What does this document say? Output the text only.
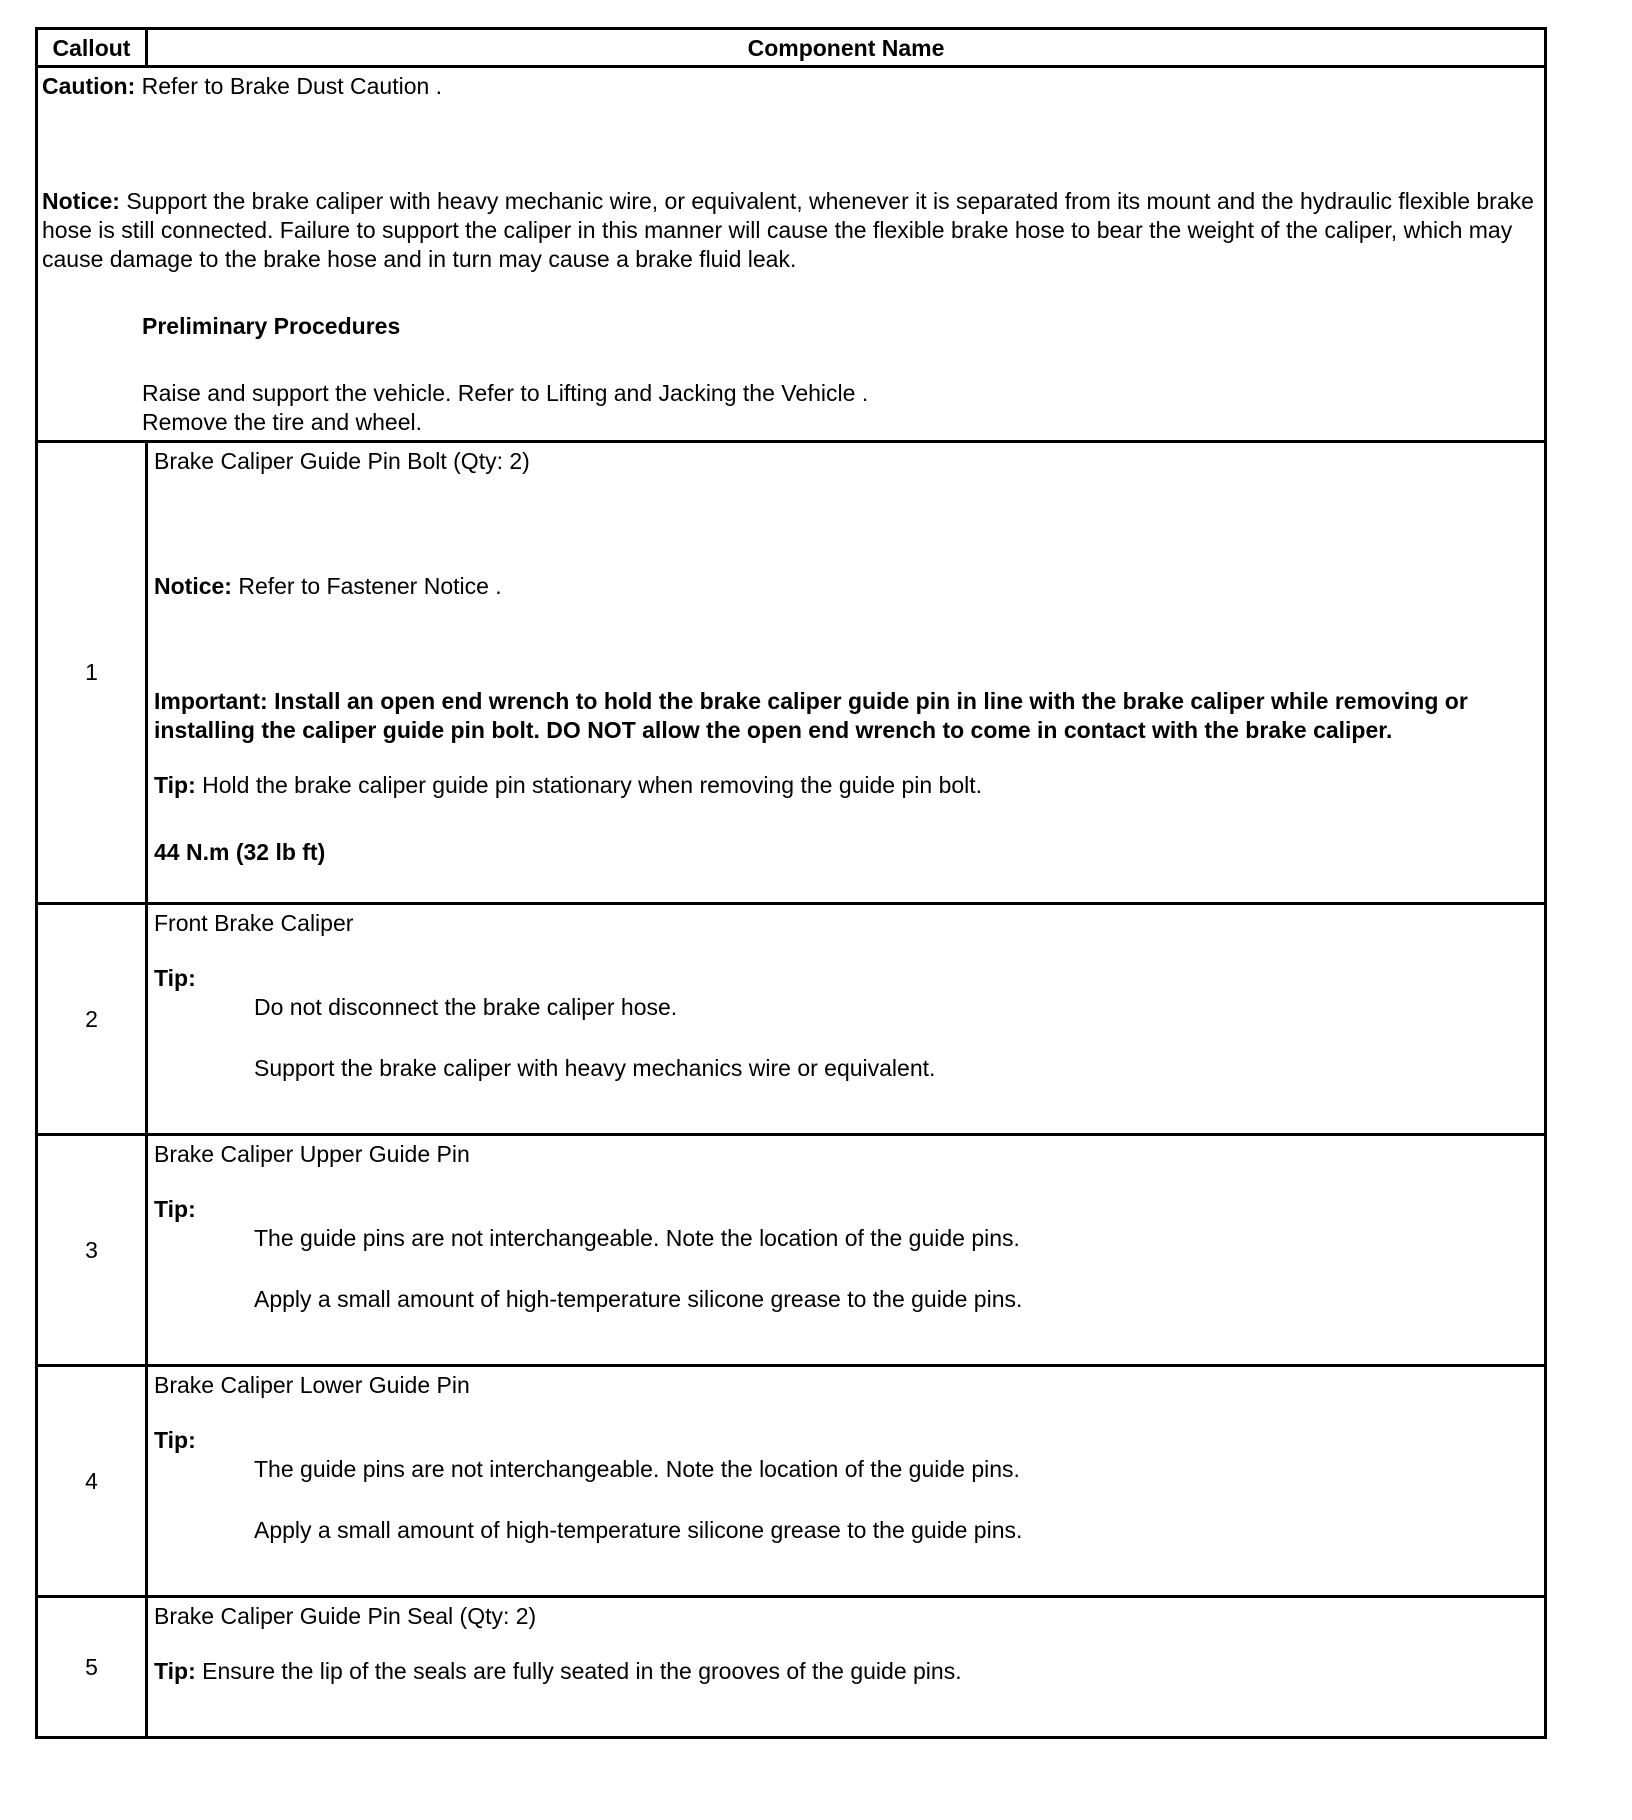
Callout	Component Name

Caution: Refer to Brake Dust Caution .

Notice: Support the brake caliper with heavy mechanic wire, or equivalent, whenever it is separated from its mount and the hydraulic flexible brake hose is still connected. Failure to support the caliper in this manner will cause the flexible brake hose to bear the weight of the caliper, which may cause damage to the brake hose and in turn may cause a brake fluid leak.

Preliminary Procedures

Raise and support the vehicle. Refer to Lifting and Jacking the Vehicle .

Remove the tire and wheel.

1

Brake Caliper Guide Pin Bolt (Qty: 2)

Notice: Refer to Fastener Notice .

Important: Install an open end wrench to hold the brake caliper guide pin in line with the brake caliper while removing or installing the caliper guide pin bolt. DO NOT allow the open end wrench to come in contact with the brake caliper.

Tip: Hold the brake caliper guide pin stationary when removing the guide pin bolt.

44 N.m (32 lb ft)

2

Front Brake Caliper

Tip:

Do not disconnect the brake caliper hose.

Support the brake caliper with heavy mechanics wire or equivalent.

3

Brake Caliper Upper Guide Pin

Tip:

The guide pins are not interchangeable. Note the location of the guide pins.

Apply a small amount of high-temperature silicone grease to the guide pins.

4

Brake Caliper Lower Guide Pin

Tip:

The guide pins are not interchangeable. Note the location of the guide pins.

Apply a small amount of high-temperature silicone grease to the guide pins.

5

Brake Caliper Guide Pin Seal (Qty: 2)

Tip: Ensure the lip of the seals are fully seated in the grooves of the guide pins.
